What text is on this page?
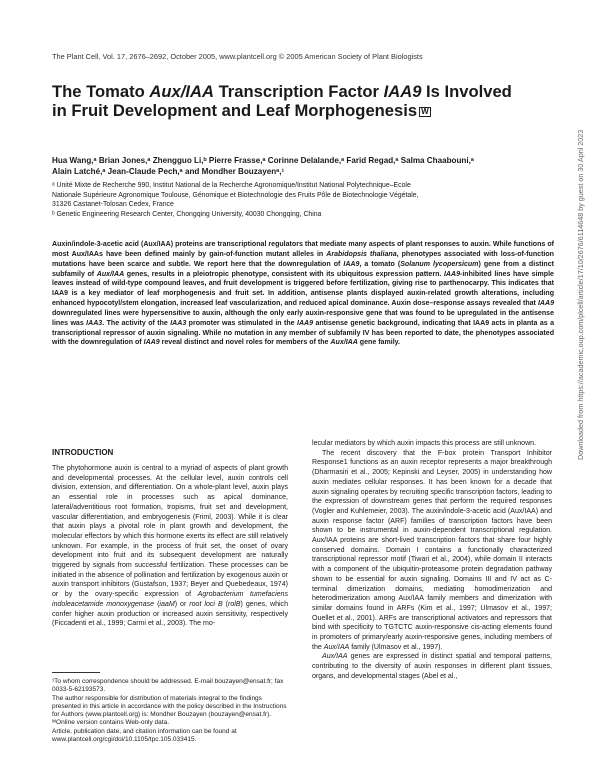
The Plant Cell, Vol. 17, 2676–2692, October 2005, www.plantcell.org © 2005 American Society of Plant Biologists
The Tomato Aux/IAA Transcription Factor IAA9 Is Involved in Fruit Development and Leaf Morphogenesis W
Hua Wang,ᵃ Brian Jones,ᵃ Zhengguo Li,ᵇ Pierre Frasse,ᵃ Corinne Delalande,ᵃ Farid Regad,ᵃ Salma Chaabouni,ᵃ
Alain Latché,ᵃ Jean-Claude Pech,ᵃ and Mondher Bouzayenᵃ,¹
ᵃ Unité Mixte de Recherche 990, Institut National de la Recherche Agronomique/Institut National Polytechnique–Ecole
Nationale Supérieure Agronomique Toulouse, Génomique et Biotechnologie des Fruits Pôle de Biotechnologie Végétale,
31326 Castanet-Tolosan Cedex, France
ᵇ Genetic Engineering Research Center, Chongqing University, 40030 Chongqing, China

Auxin/indole-3-acetic acid (Aux/IAA) proteins are transcriptional regulators that mediate many aspects of plant responses to auxin. While functions of most Aux/IAAs have been defined mainly by gain-of-function mutant alleles in Arabidopsis thaliana, phenotypes associated with loss-of-function mutations have been scarce and subtle. We report here that the downregulation of IAA9, a tomato (Solanum lycopersicum) gene from a distinct subfamily of Aux/IAA genes, results in a pleiotropic phenotype, consistent with its ubiquitous expression pattern. IAA9-inhibited lines have simple leaves instead of wild-type compound leaves, and fruit development is triggered before fertilization, giving rise to parthenocarpy. This indicates that IAA9 is a key mediator of leaf morphogenesis and fruit set. In addition, antisense plants displayed auxin-related growth alterations, including enhanced hypocotyl/stem elongation, increased leaf vascularization, and reduced apical dominance. Auxin dose–response assays revealed that IAA9 downregulated lines were hypersensitive to auxin, although the only early auxin-responsive gene that was found to be upregulated in the antisense lines was IAA3. The activity of the IAA3 promoter was stimulated in the IAA9 antisense genetic background, indicating that IAA9 acts in planta as a transcriptional repressor of auxin signaling. While no mutation in any member of subfamily IV has been reported to date, the phenotypes associated with the downregulation of IAA9 reveal distinct and novel roles for members of the Aux/IAA gene family.

INTRODUCTION

The phytohormone auxin is central to a myriad of aspects of plant growth and developmental processes. At the cellular level, auxin controls cell division, extension, and differentiation. On a whole-plant level, auxin plays an essential role in processes such as apical dominance, lateral/adventitious root formation, tropisms, fruit set and development, vascular differentiation, and embryogenesis (Friml, 2003). While it is clear that auxin plays a pivotal role in plant growth and development, the molecular effectors by which this hormone exerts its effect are still relatively unknown. For example, in the process of fruit set, the onset of ovary development into fruit and its subsequent development are naturally triggered by signals from successful fertilization. These processes can be initiated in the absence of pollination and fertilization by exogenous auxin or auxin transport inhibitors (Gustafson, 1937; Beyer and Quebedeaux, 1974) or by the ovary-specific expression of Agrobacterium tumefaciens indoleacetamide monoxygenase (iaaM) or root loci B (rolB) genes, which confer higher auxin production or increased auxin sensitivity, respectively (Ficcadenti et al., 1999; Carmi et al., 2003). The mo-

¹To whom correspondence should be addressed. E-mail bouzayen@ensat.fr; fax 0033-5-62193573.

The author responsible for distribution of materials integral to the findings presented in this article in accordance with the policy described in the Instructions for Authors (www.plantcell.org) is: Mondher Bouzayen (bouzayen@ensat.fr).

ᵂOnline version contains Web-only data.

Article, publication date, and citation information can be found at www.plantcell.org/cgi/doi/10.1105/tpc.105.033415.

lecular mediators by which auxin impacts this process are still unknown.

The recent discovery that the F-box protein Transport Inhibitor Response1 functions as an auxin receptor represents a major breakthrough (Dharmasiri et al., 2005; Kepinski and Leyser, 2005) in understanding how auxin mediates cellular responses. It has been known for a decade that auxin signaling operates by recruiting specific transcription factors, leading to the expression of downstream genes that perform the required responses (Vogler and Kuhlemeier, 2003). The auxin/indole-3-acetic acid (Aux/IAA) and auxin response factor (ARF) families of transcription factors have been shown to be instrumental in auxin-dependent transcriptional regulation. Aux/IAA proteins are short-lived transcription factors that share four highly conserved domains. Domain I contains a functionally characterized transcriptional repressor motif (Tiwari et al., 2004), while domain II interacts with a component of the ubiquitin-proteasome protein degradation pathway shown to be essential for auxin signaling. Domains III and IV act as C-terminal dimerization domains, mediating homodimerization and heterodimerization among Aux/IAA family members and dimerization with similar domains found in ARFs (Kim et al., 1997; Ulmasov et al., 1997; Ouellet et al., 2001). ARFs are transcriptional activators and repressors that bind with specificity to TGTCTC auxin-responsive cis-acting elements found in promoters of primary/early auxin-responsive genes, including members of the Aux/IAA family (Ulmasov et al., 1997).

Aux/IAA genes are expressed in distinct spatial and temporal patterns, contributing to the diversity of auxin responses in different plant tissues, organs, and developmental stages (Abel et al.,

Downloaded from https://academic.oup.com/plcell/article/17/10/2676/6114648 by guest on 30 April 2023
